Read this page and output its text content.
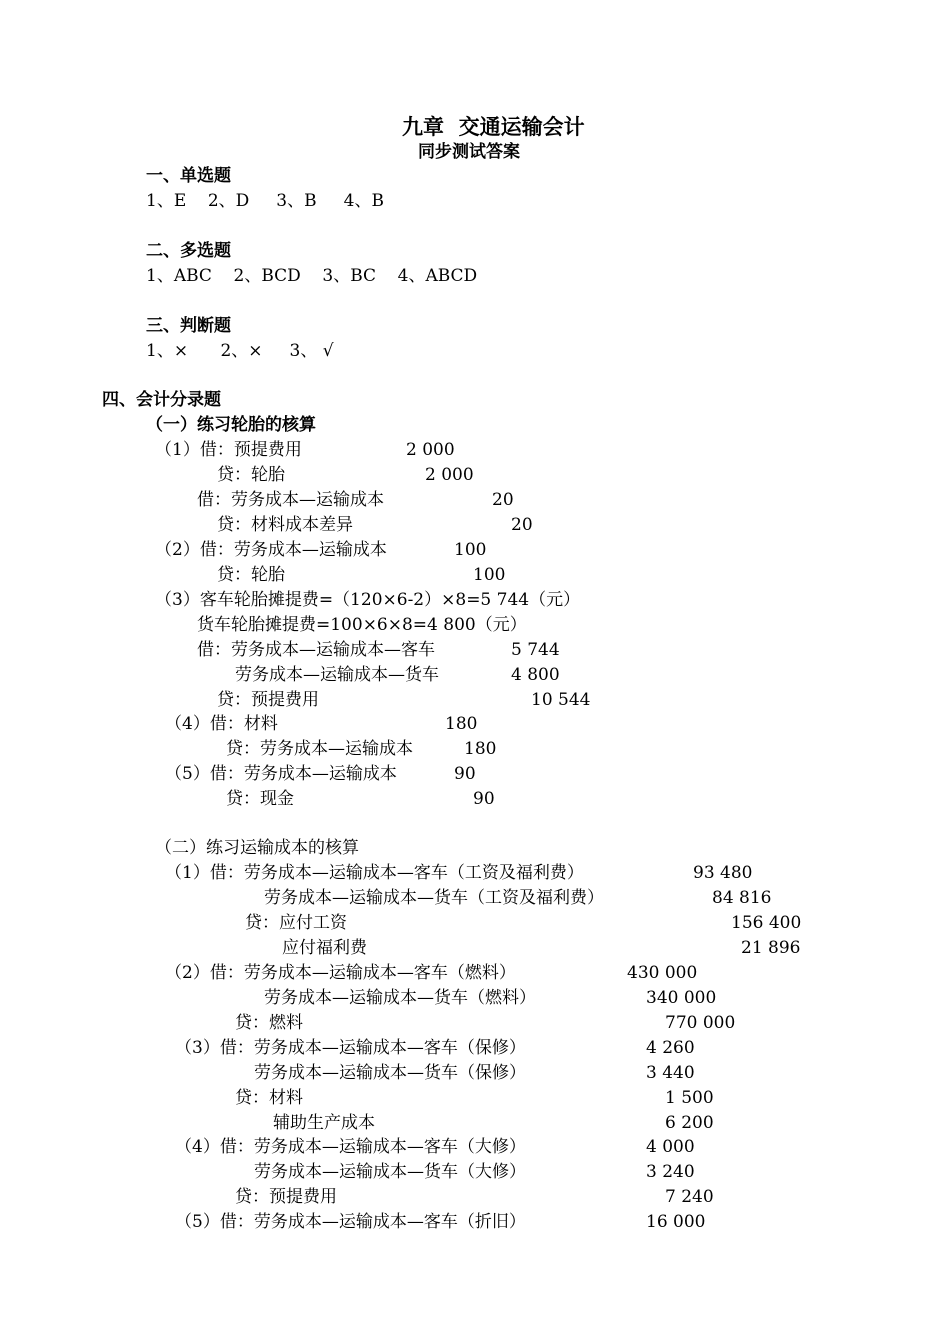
九章  交通运输会计
同步测试答案
一、单选题
1、E    2、D     3、B     4、B
二、多选题
1、ABC    2、BCD    3、BC    4、ABCD
三、判断题
1、×      2、×     3、 √
四、会计分录题
（一）练习轮胎的核算
（1）借：预提费用	2 000
贷：轮胎	2 000
借：劳务成本—运输成本	20
贷：材料成本差异	20
（2）借：劳务成本—运输成本	100
贷：轮胎	100
（3）客车轮胎摊提费=（120×6-2）×8=5 744（元）
货车轮胎摊提费=100×6×8=4 800（元）
借：劳务成本—运输成本—客车	5 744
劳务成本—运输成本—货车	4 800
贷：预提费用	10 544
（4）借：材料	180
贷：劳务成本—运输成本	180
（5）借：劳务成本—运输成本	90
贷：现金	90
（二）练习运输成本的核算
（1）借：劳务成本—运输成本—客车（工资及福利费）	93 480
劳务成本—运输成本—货车（工资及福利费）	84 816
贷：应付工资	156 400
应付福利费	21 896
（2）借：劳务成本—运输成本—客车（燃料）	430 000
劳务成本—运输成本—货车（燃料）	340 000
贷：燃料	770 000
（3）借：劳务成本—运输成本—客车（保修）	4 260
劳务成本—运输成本—货车（保修）	3 440
贷：材料	1 500
辅助生产成本	6 200
（4）借：劳务成本—运输成本—客车（大修）	4 000
劳务成本—运输成本—货车（大修）	3 240
贷：预提费用	7 240
（5）借：劳务成本—运输成本—客车（折旧）	16 000
